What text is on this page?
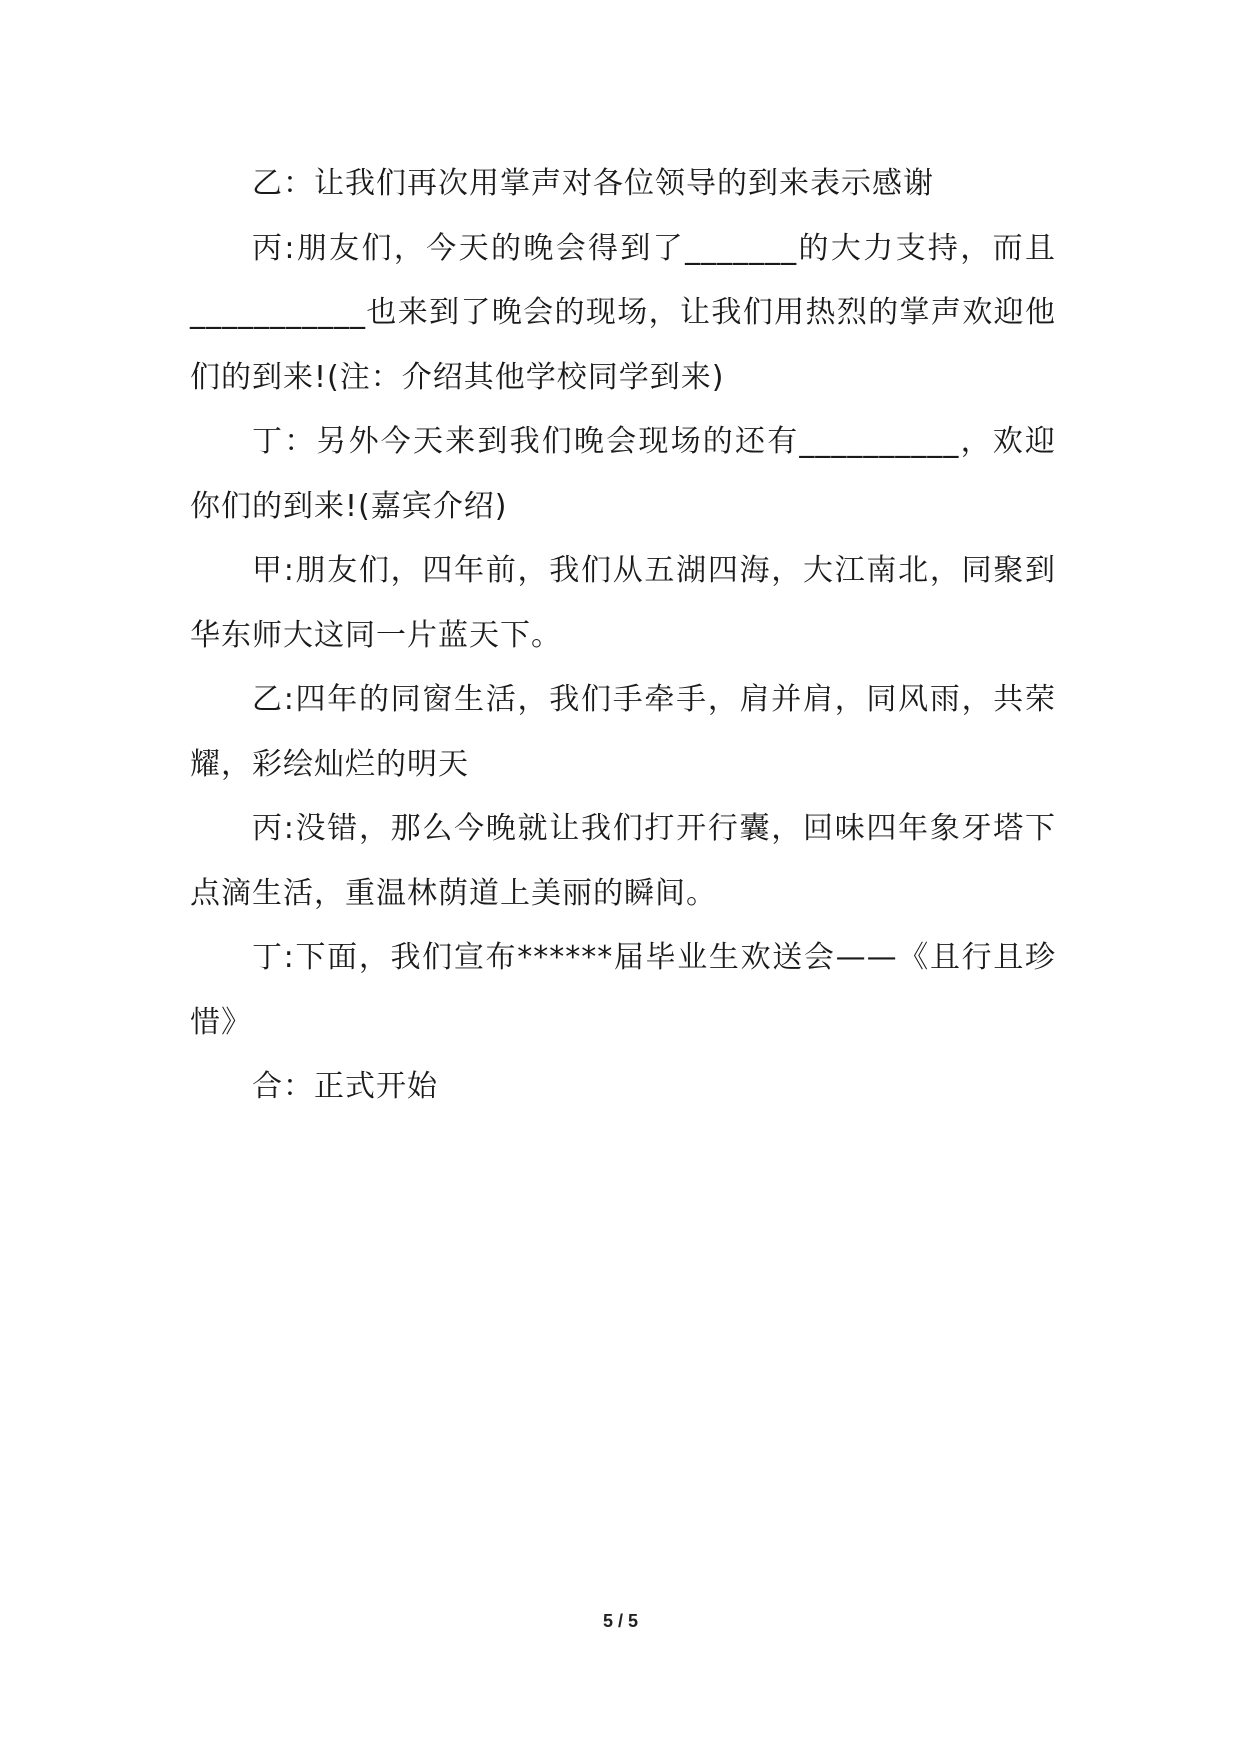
乙：让我们再次用掌声对各位领导的到来表示感谢

丙:朋友们，今天的晚会得到了_______的大力支持，而且___________也来到了晚会的现场，让我们用热烈的掌声欢迎他们的到来!(注：介绍其他学校同学到来)

丁：另外今天来到我们晚会现场的还有__________，欢迎你们的到来!(嘉宾介绍)

甲:朋友们，四年前，我们从五湖四海，大江南北，同聚到华东师大这同一片蓝天下。

乙:四年的同窗生活，我们手牵手，肩并肩，同风雨，共荣耀，彩绘灿烂的明天

丙:没错，那么今晚就让我们打开行囊，回味四年象牙塔下点滴生活，重温林荫道上美丽的瞬间。

丁:下面，我们宣布******届毕业生欢送会——《且行且珍惜》

合：正式开始

5 / 5
